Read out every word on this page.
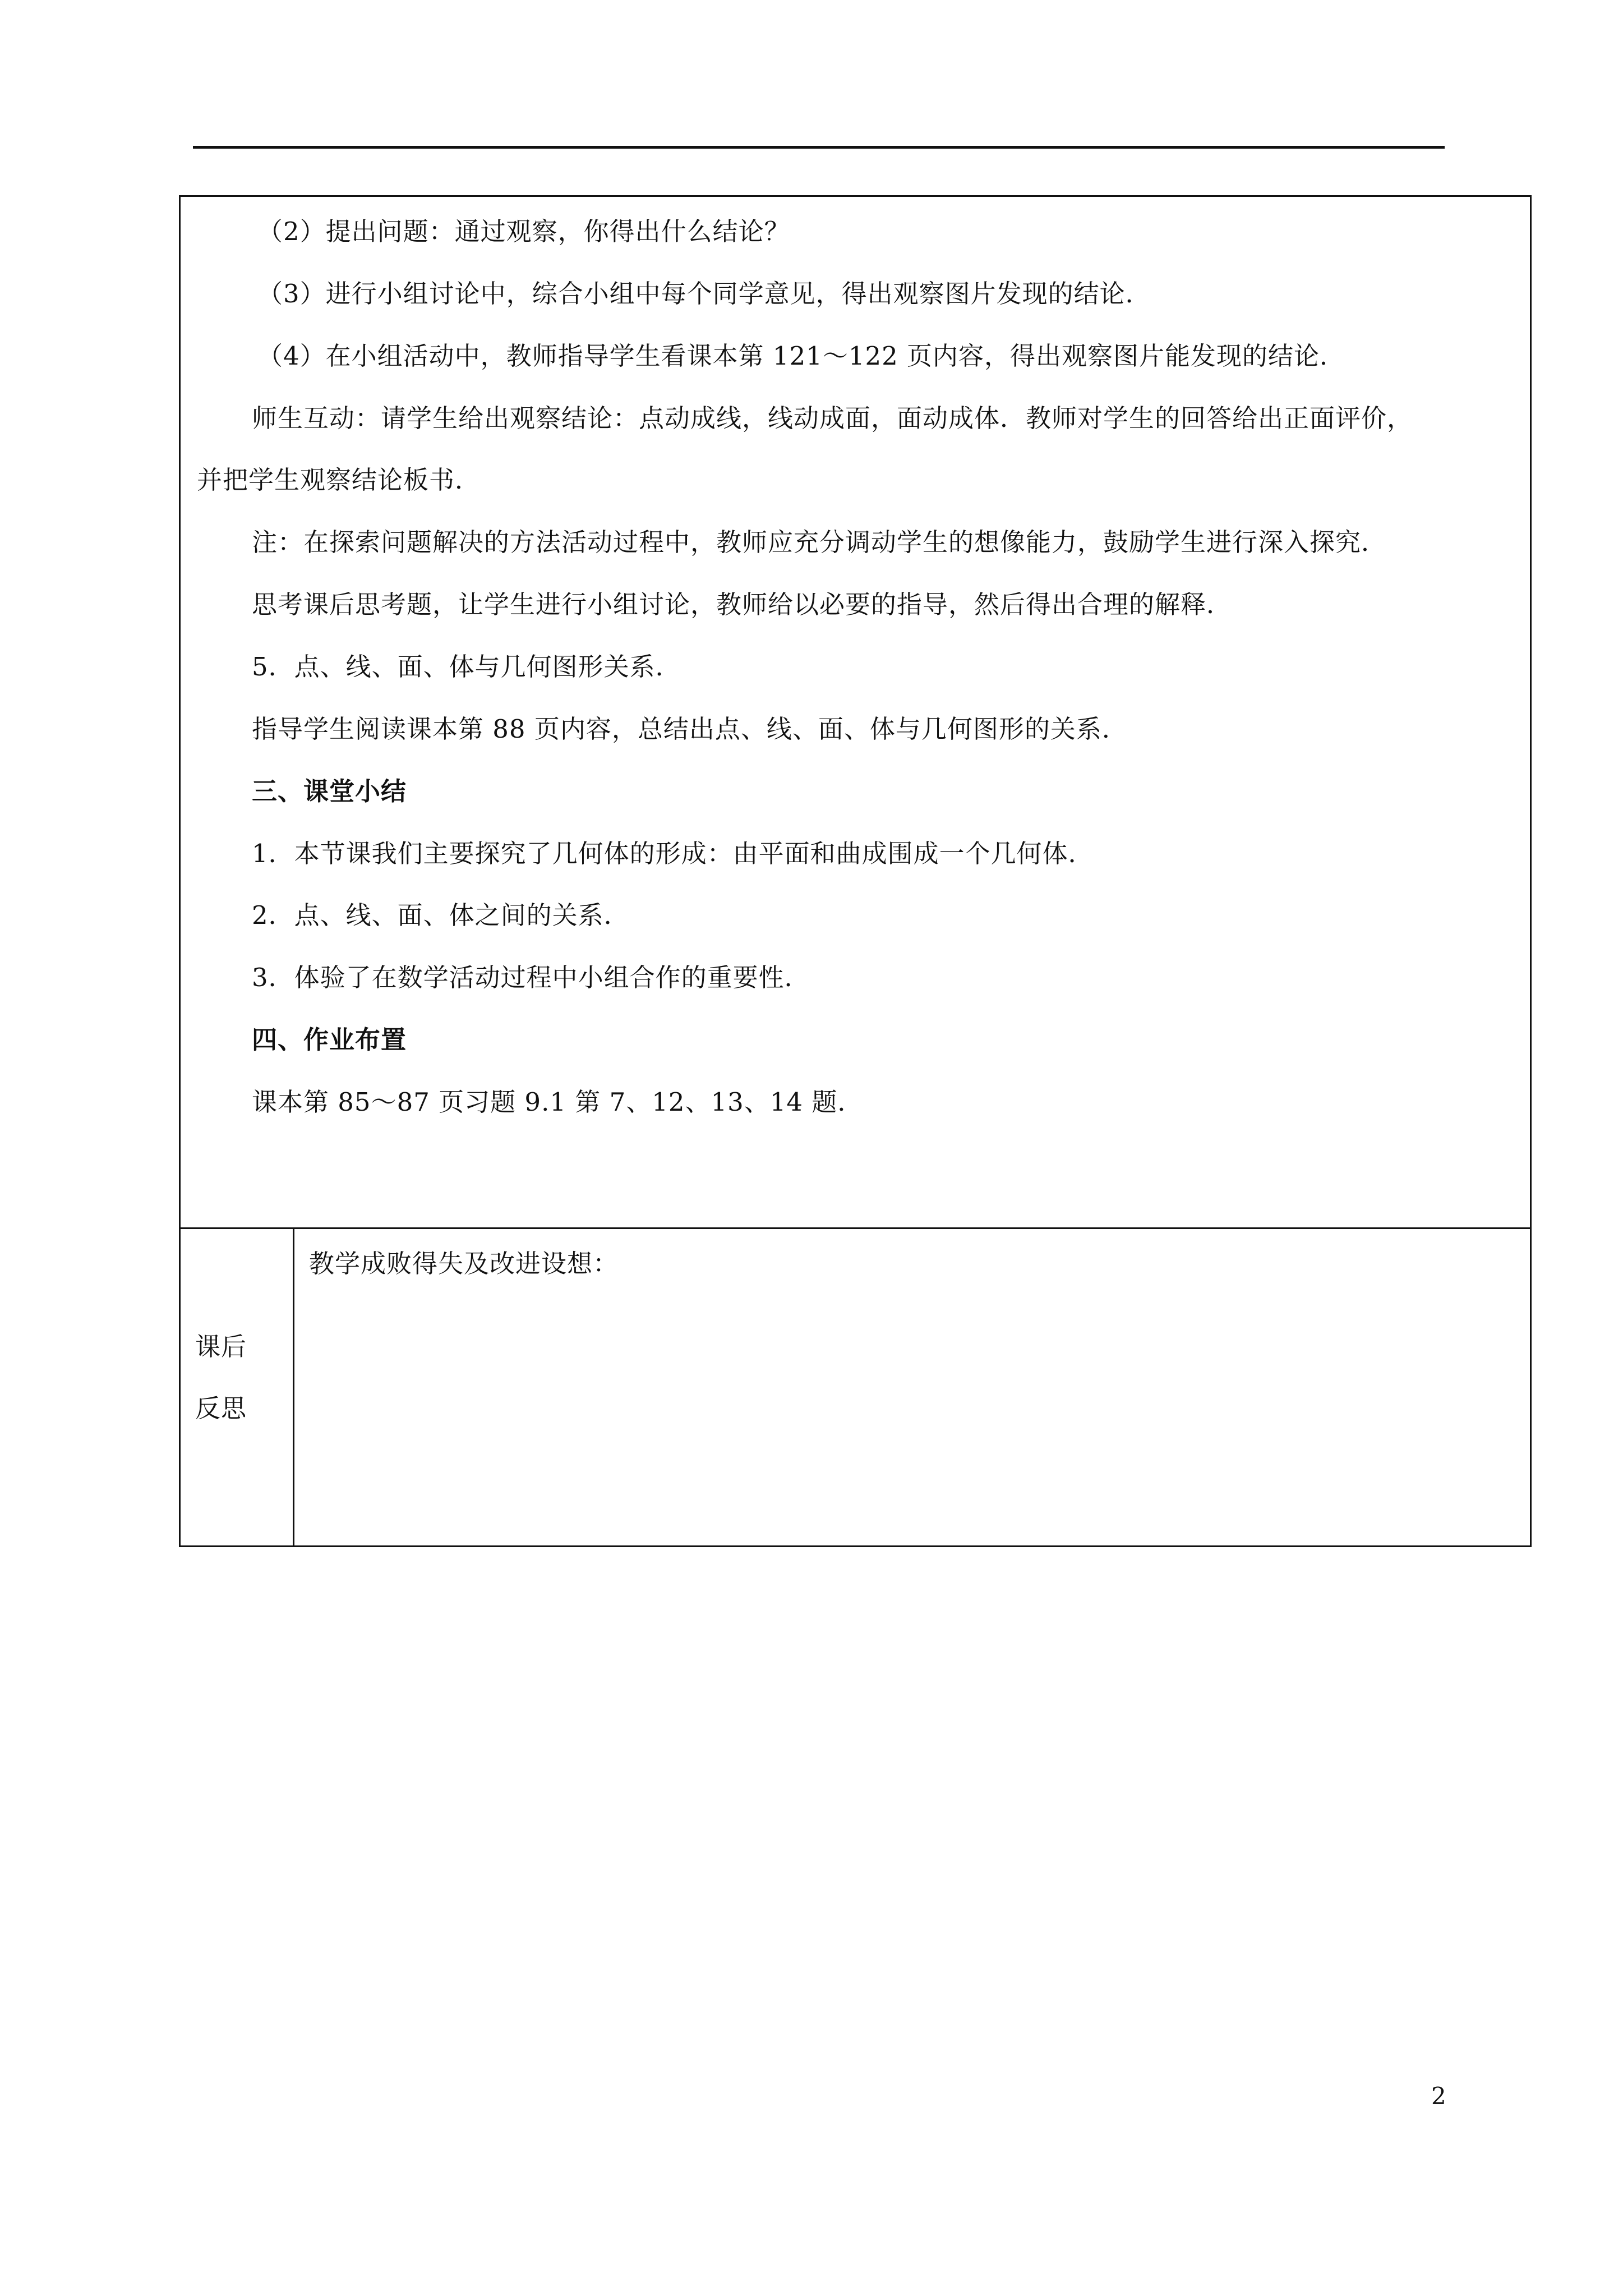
（2）提出问题：通过观察，你得出什么结论？
（3）进行小组讨论中，综合小组中每个同学意见，得出观察图片发现的结论．
（4）在小组活动中，教师指导学生看课本第 121～122 页内容，得出观察图片能发现的结论．
师生互动：请学生给出观察结论：点动成线，线动成面，面动成体．教师对学生的回答给出正面评价，
并把学生观察结论板书．
注：在探索问题解决的方法活动过程中，教师应充分调动学生的想像能力，鼓励学生进行深入探究．
思考课后思考题，让学生进行小组讨论，教师给以必要的指导，然后得出合理的解释．
5．点、线、面、体与几何图形关系．
指导学生阅读课本第 88 页内容，总结出点、线、面、体与几何图形的关系．
三、课堂小结
1．本节课我们主要探究了几何体的形成：由平面和曲成围成一个几何体．
2．点、线、面、体之间的关系．
3．体验了在数学活动过程中小组合作的重要性．
四、作业布置
课本第 85～87 页习题 9.1 第 7、12、13、14 题．
课后
反思
教学成败得失及改进设想：
2
